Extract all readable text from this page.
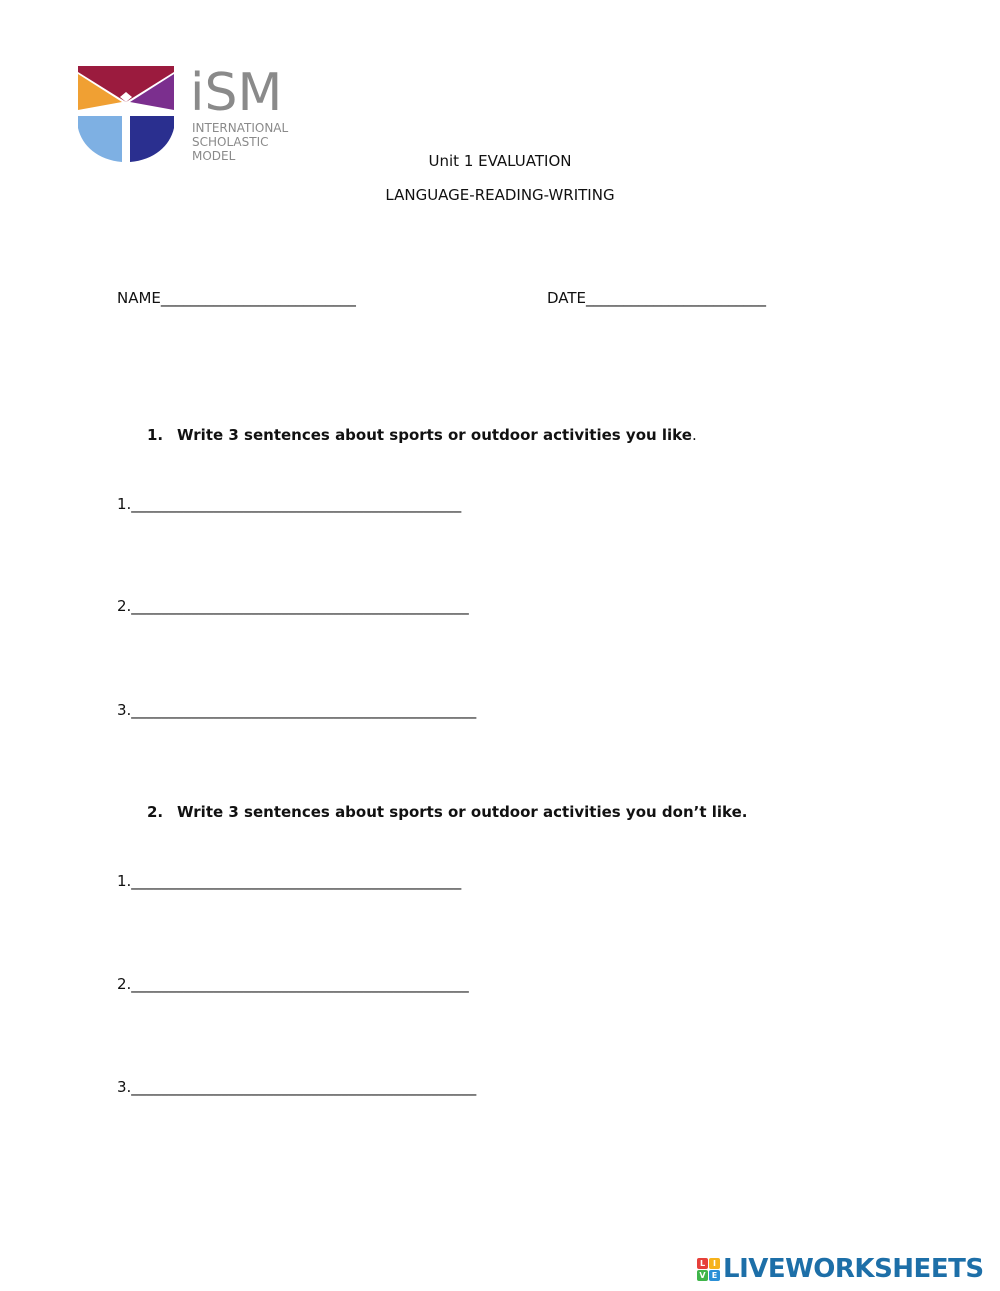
iSM
INTERNATIONAL
SCHOLASTIC
MODEL	Unit 1 EVALUATION
LANGUAGE-READING-WRITING
NAME__________________________	DATE________________________
1. Write 3 sentences about sports or outdoor activities you like.
1.____________________________________________
2._____________________________________________
3.______________________________________________
2. Write 3 sentences about sports or outdoor activities you don’t like.
1.____________________________________________
2._____________________________________________
3.______________________________________________
L I
V E LIVEWORKSHEETS
